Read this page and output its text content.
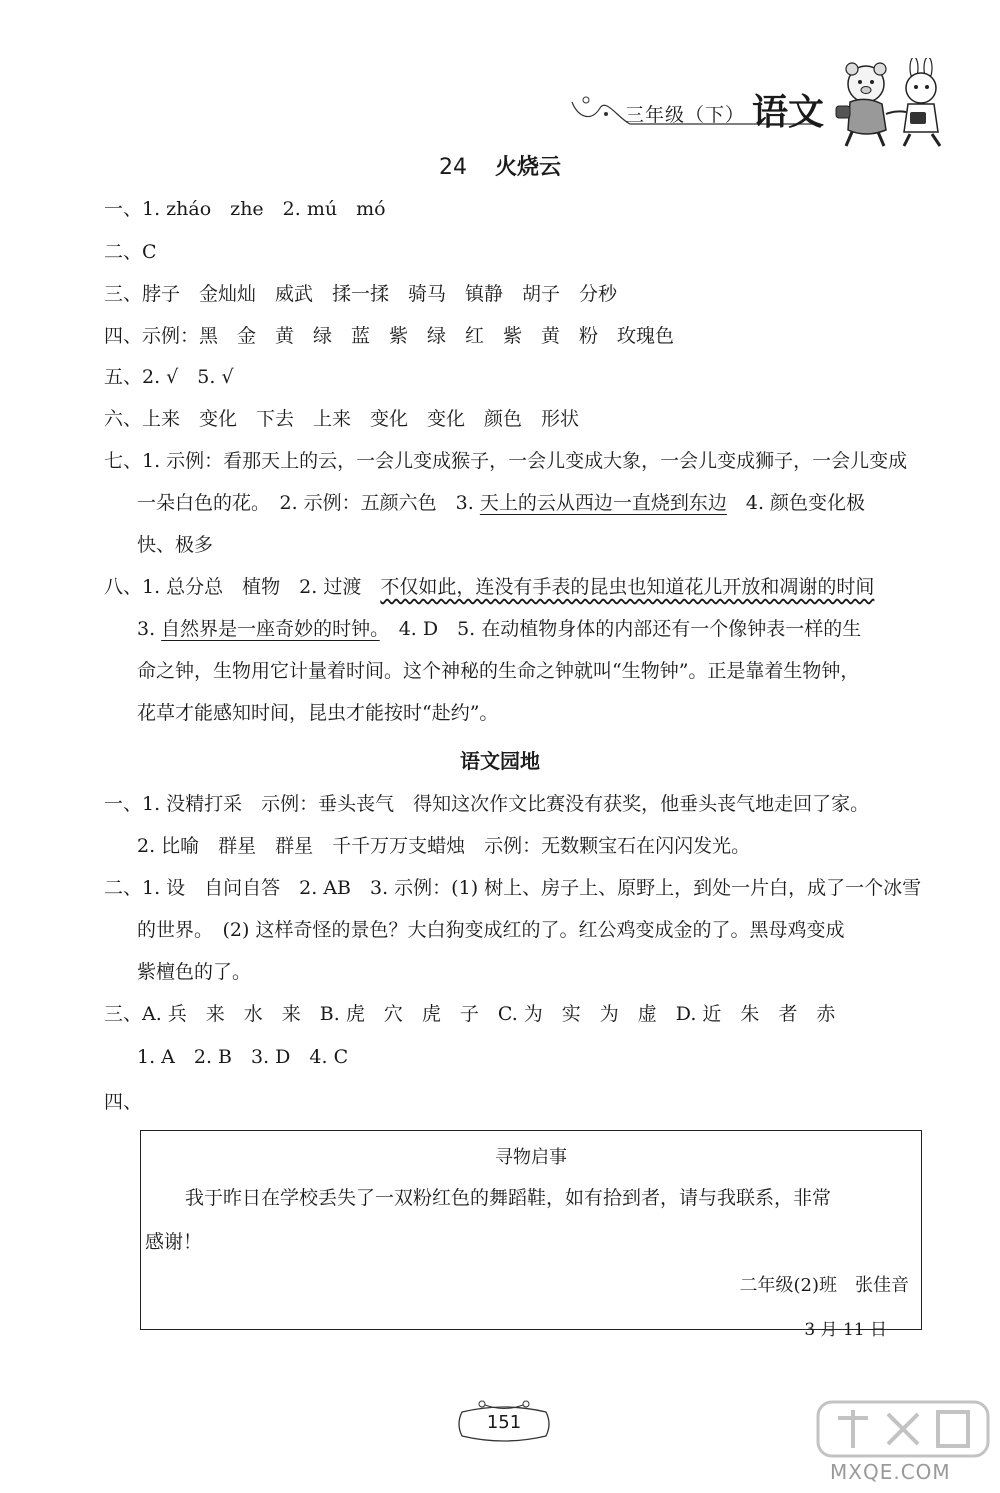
三年级（下） 语文
24 火烧云
一、1. zháo　zhe　2. mú　mó
二、C
三、脖子　金灿灿　威武　揉一揉　骑马　镇静　胡子　分秒
四、示例：黑　金　黄　绿　蓝　紫　绿　红　紫　黄　粉　玫瑰色
五、2. √　5. √
六、上来　变化　下去　上来　变化　变化　颜色　形状
七、1. 示例：看那天上的云，一会儿变成猴子，一会儿变成大象，一会儿变成狮子，一会儿变成
一朵白色的花。　2. 示例：五颜六色　3. 天上的云从西边一直烧到东边　4. 颜色变化极
快、极多
八、1. 总分总　植物　2. 过渡　不仅如此，连没有手表的昆虫也知道花儿开放和凋谢的时间
3. 自然界是一座奇妙的时钟。　4. D　5. 在动植物身体的内部还有一个像钟表一样的生
命之钟，生物用它计量着时间。这个神秘的生命之钟就叫“生物钟”。正是靠着生物钟，
花草才能感知时间，昆虫才能按时“赴约”。
语文园地
一、1. 没精打采　示例：垂头丧气　得知这次作文比赛没有获奖，他垂头丧气地走回了家。
2. 比喻　群星　群星　千千万万支蜡烛　示例：无数颗宝石在闪闪发光。
二、1. 设　自问自答　2. AB　3. 示例：(1) 树上、房子上、原野上，到处一片白，成了一个冰雪
的世界。　(2) 这样奇怪的景色？大白狗变成红的了。红公鸡变成金的了。黑母鸡变成
紫檀色的了。
三、A. 兵　来　水　来　B. 虎　穴　虎　子　C. 为　实　为　虚　D. 近　朱　者　赤
1. A　2. B　3. D　4. C
四、
寻物启事
我于昨日在学校丢失了一双粉红色的舞蹈鞋，如有拾到者，请与我联系，非常
感谢！
二年级(2)班　张佳音
3 月 11 日
151
MXQE.COM
